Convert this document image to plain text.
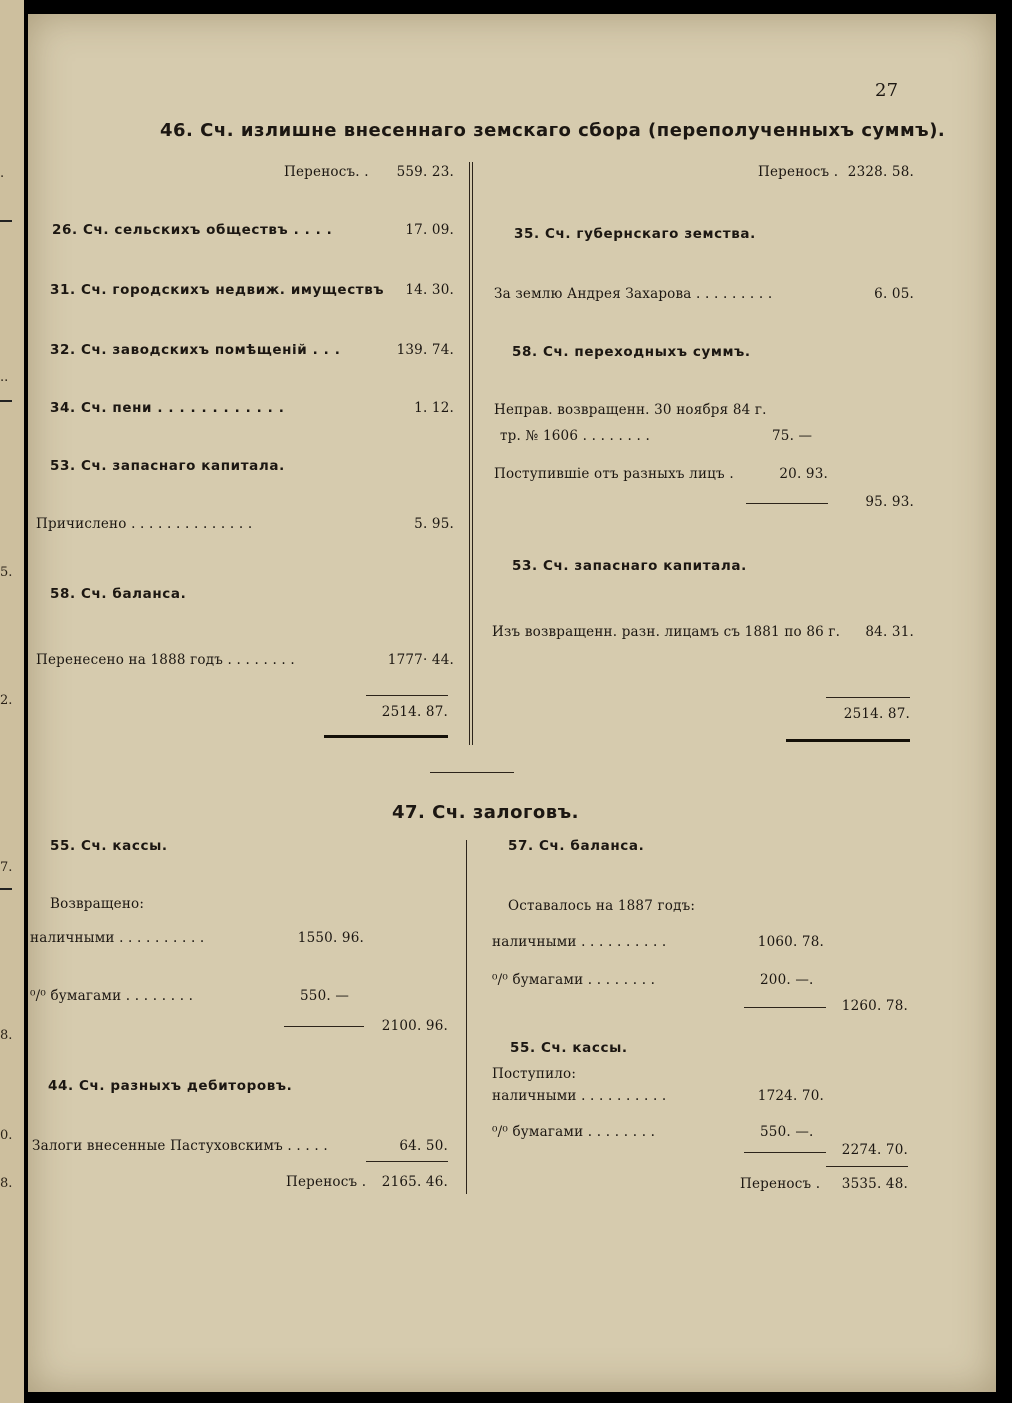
.
..
5.
2.
7.
8.
0.
8.
27
46. Сч. излишне внесеннаго земскаго сбора (переполученныхъ суммъ).
Переносъ. .	559. 23.
26. Сч. сельскихъ обществъ . . . .	17. 09.
31. Сч. городскихъ недвиж. имуществъ	14. 30.
32. Сч. заводскихъ помѣщеній . . .	139. 74.
34. Сч. пени . . . . . . . . . . . .	1. 12.
53. Сч. запаснаго капитала.
Причислено . . . . . . . . . . . . . .	5. 95.
58. Сч. баланса.
Перенесено на 1888 годъ . . . . . . . .	1777· 44.
2514. 87.
Переносъ . 2328. 58.
35. Сч. губернскаго земства.
За землю Андрея Захарова . . . . . . . . .	6. 05.
58. Сч. переходныхъ суммъ.
Неправ. возвращенн. 30 ноября 84 г.
тр. № 1606 . . . . . . . .	75. —
Поступившіе отъ разныхъ лицъ .	20. 93.
95. 93.
53. Сч. запаснаго капитала.
Изъ возвращенн. разн. лицамъ съ 1881 по 86 г.	84. 31.
2514. 87.
47. Сч. залоговъ.
55. Сч. кассы.
Возвращено:
наличными . . . . . . . . . .	1550. 96.
⁰/⁰ бумагами . . . . . . . .	550. —
2100. 96.
44. Сч. разныхъ дебиторовъ.
Залоги внесенные Пастуховскимъ . . . . .	64. 50.
Переносъ .	2165. 46.
57. Сч. баланса.
Оставалось на 1887 годъ:
наличными . . . . . . . . . .	1060. 78.
⁰/⁰ бумагами . . . . . . . .	200. —.
1260. 78.
55. Сч. кассы.
Поступило:
наличными . . . . . . . . . .	1724. 70.
⁰/⁰ бумагами . . . . . . . .	550. —.
2274. 70.
Переносъ .	3535. 48.
